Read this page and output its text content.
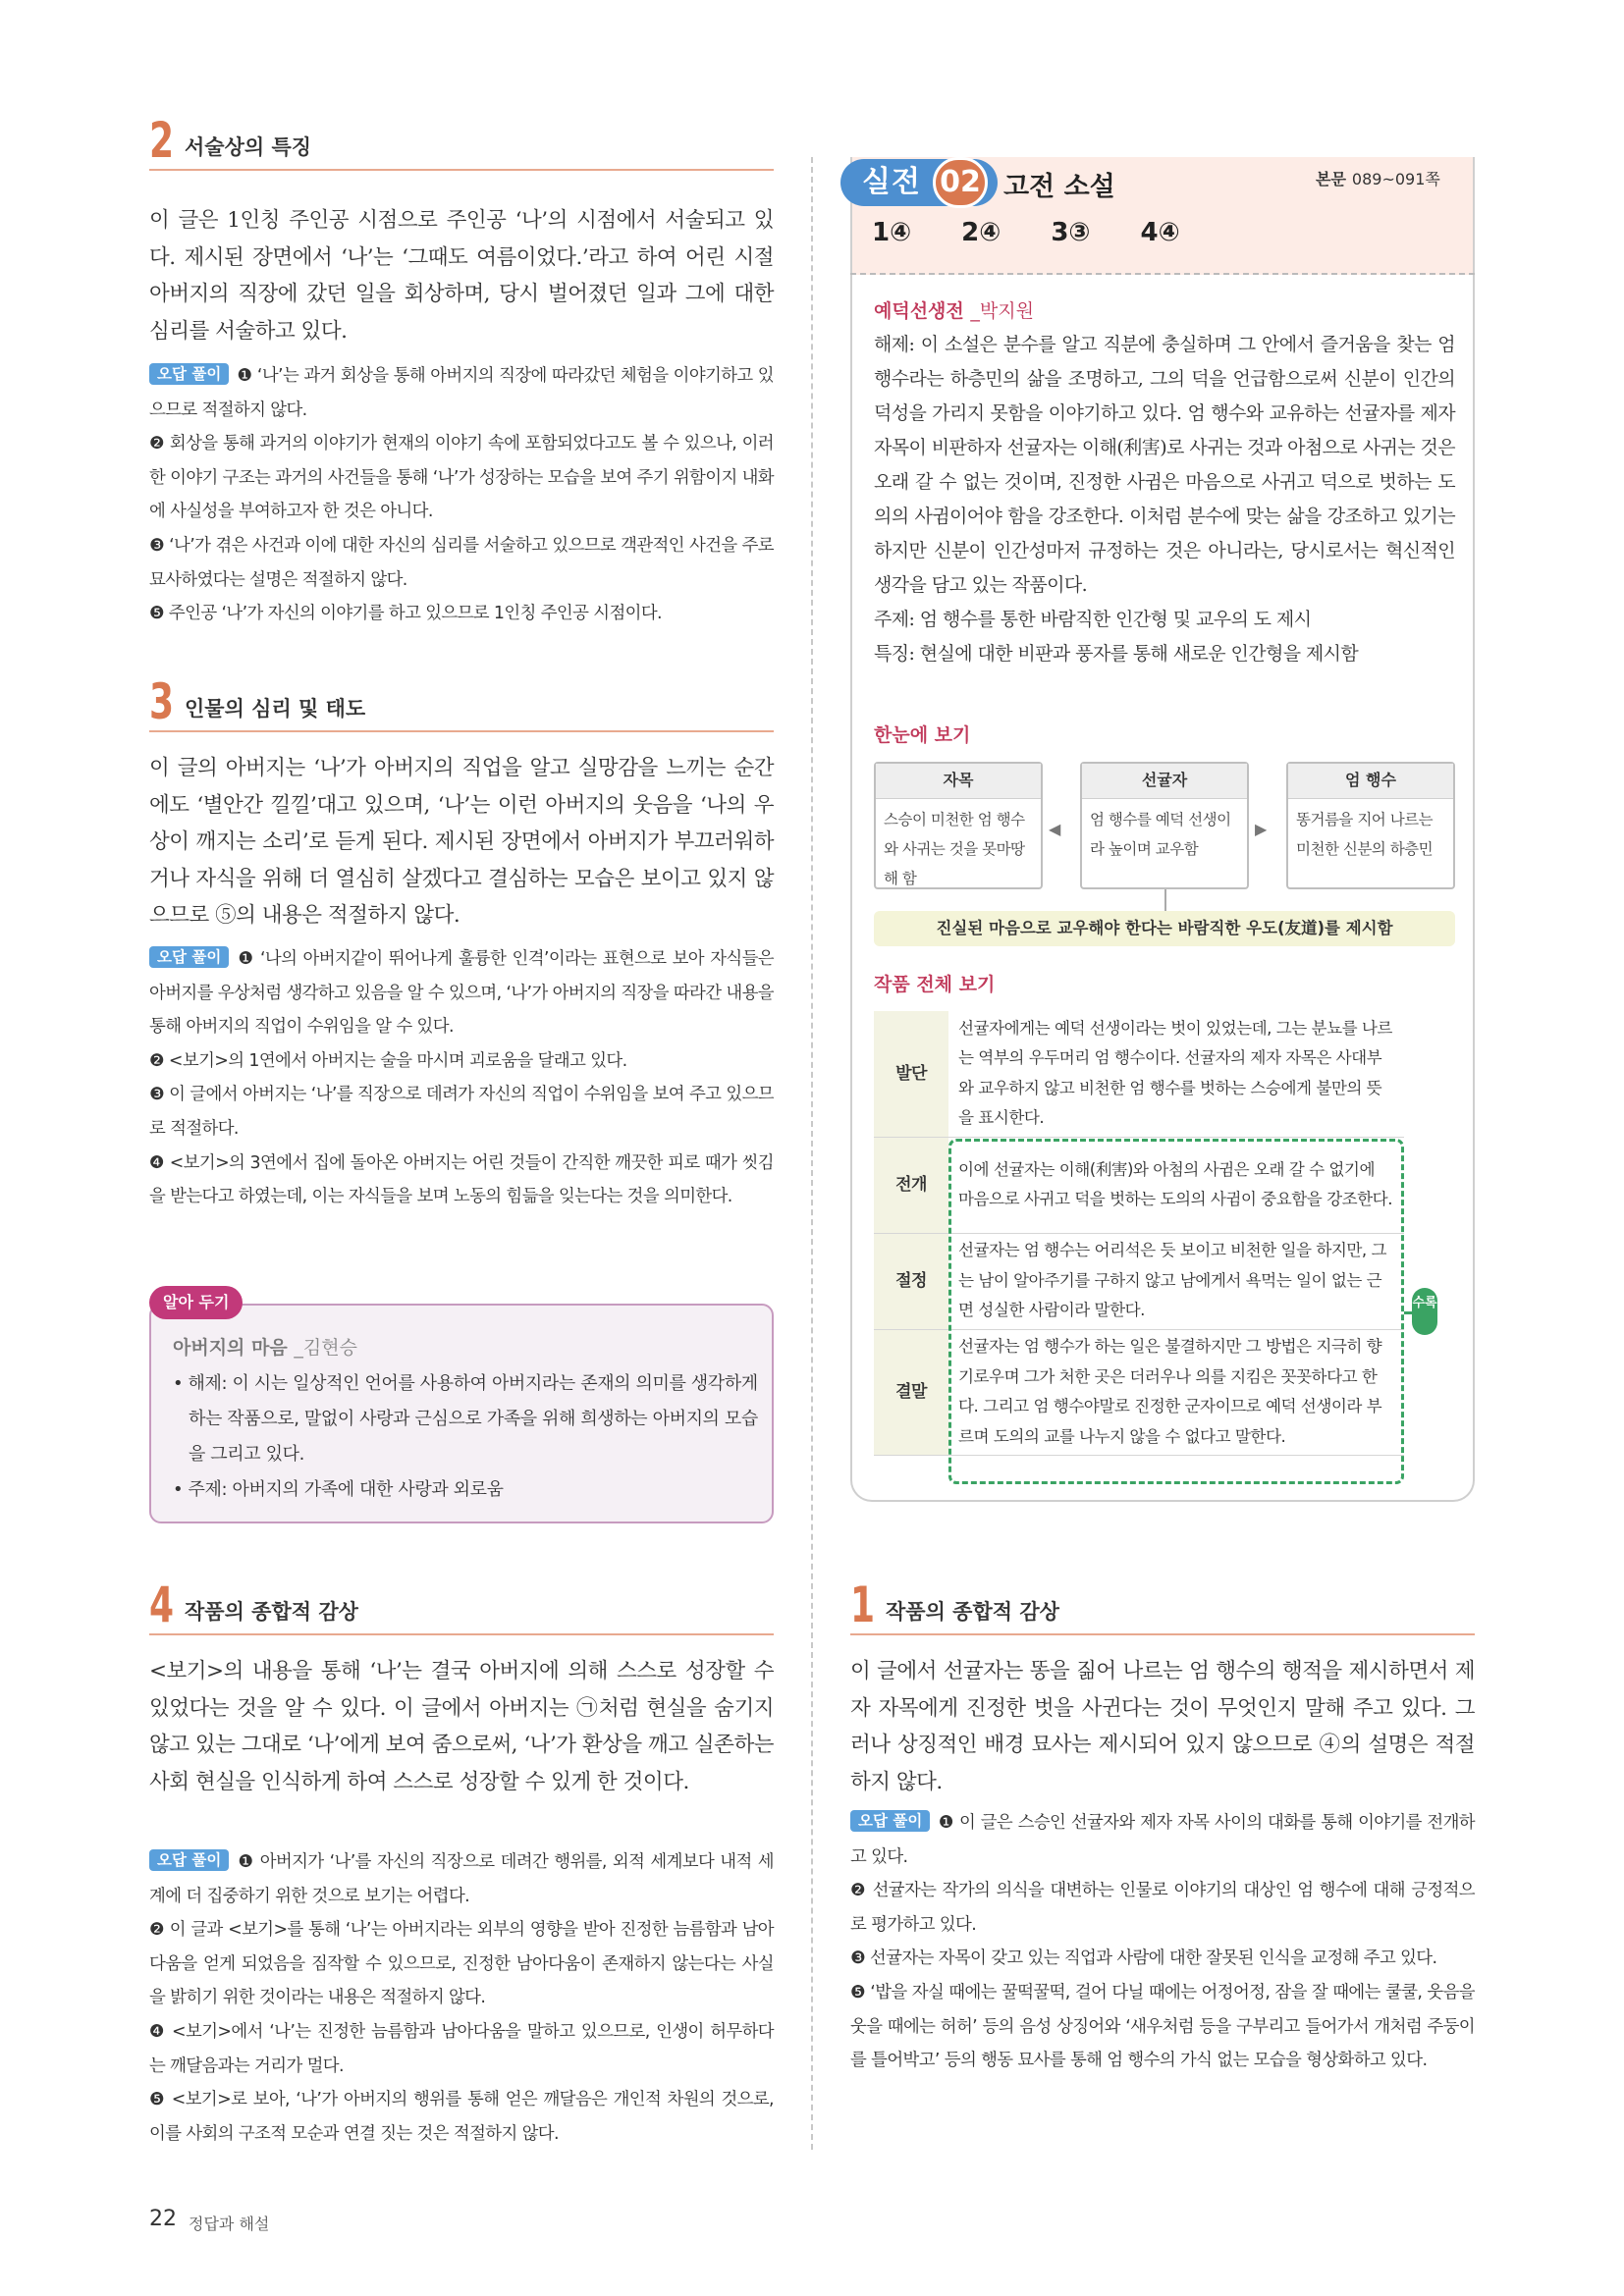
2 서술상의 특징
이 글은 1인칭 주인공 시점으로 주인공 ‘나’의 시점에서 서술되고 있다. 제시된 장면에서 ‘나’는 ‘그때도 여름이었다.’라고 하여 어린 시절 아버지의 직장에 갔던 일을 회상하며, 당시 벌어졌던 일과 그에 대한 심리를 서술하고 있다.
오답 풀이 ❶ ‘나’는 과거 회상을 통해 아버지의 직장에 따라갔던 체험을 이야기하고 있으므로 적절하지 않다.
❷ 회상을 통해 과거의 이야기가 현재의 이야기 속에 포함되었다고도 볼 수 있으나, 이러한 이야기 구조는 과거의 사건들을 통해 ‘나’가 성장하는 모습을 보여 주기 위함이지 내화에 사실성을 부여하고자 한 것은 아니다.
❸ ‘나’가 겪은 사건과 이에 대한 자신의 심리를 서술하고 있으므로 객관적인 사건을 주로 묘사하였다는 설명은 적절하지 않다.
❺ 주인공 ‘나’가 자신의 이야기를 하고 있으므로 1인칭 주인공 시점이다.
3 인물의 심리 및 태도
이 글의 아버지는 ‘나’가 아버지의 직업을 알고 실망감을 느끼는 순간에도 ‘별안간 낄낄’대고 있으며, ‘나’는 이런 아버지의 웃음을 ‘나의 우상이 깨지는 소리’로 듣게 된다. 제시된 장면에서 아버지가 부끄러워하거나 자식을 위해 더 열심히 살겠다고 결심하는 모습은 보이고 있지 않으므로 ⑤의 내용은 적절하지 않다.
오답 풀이 ❶ ‘나의 아버지같이 뛰어나게 훌륭한 인격’이라는 표현으로 보아 자식들은 아버지를 우상처럼 생각하고 있음을 알 수 있으며, ‘나’가 아버지의 직장을 따라간 내용을 통해 아버지의 직업이 수위임을 알 수 있다.
❷ <보기>의 1연에서 아버지는 술을 마시며 괴로움을 달래고 있다.
❸ 이 글에서 아버지는 ‘나’를 직장으로 데려가 자신의 직업이 수위임을 보여 주고 있으므로 적절하다.
❹ <보기>의 3연에서 집에 돌아온 아버지는 어린 것들이 간직한 깨끗한 피로 때가 씻김을 받는다고 하였는데, 이는 자식들을 보며 노동의 힘듦을 잊는다는 것을 의미한다.
아버지의 마음 _김현승
• 해제: 이 시는 일상적인 언어를 사용하여 아버지라는 존재의 의미를 생각하게 하는 작품으로, 말없이 사랑과 근심으로 가족을 위해 희생하는 아버지의 모습을 그리고 있다.
• 주제: 아버지의 가족에 대한 사랑과 외로움
알아 두기
4 작품의 종합적 감상
<보기>의 내용을 통해 ‘나’는 결국 아버지에 의해 스스로 성장할 수 있었다는 것을 알 수 있다. 이 글에서 아버지는 ㉠처럼 현실을 숨기지 않고 있는 그대로 ‘나’에게 보여 줌으로써, ‘나’가 환상을 깨고 실존하는 사회 현실을 인식하게 하여 스스로 성장할 수 있게 한 것이다.
오답 풀이 ❶ 아버지가 ‘나’를 자신의 직장으로 데려간 행위를, 외적 세계보다 내적 세계에 더 집중하기 위한 것으로 보기는 어렵다.
❷ 이 글과 <보기>를 통해 ‘나’는 아버지라는 외부의 영향을 받아 진정한 늠름함과 남아다움을 얻게 되었음을 짐작할 수 있으므로, 진정한 남아다움이 존재하지 않는다는 사실을 밝히기 위한 것이라는 내용은 적절하지 않다.
❹ <보기>에서 ‘나’는 진정한 늠름함과 남아다움을 말하고 있으므로, 인생이 허무하다는 깨달음과는 거리가 멀다.
❺ <보기>로 보아, ‘나’가 아버지의 행위를 통해 얻은 깨달음은 개인적 차원의 것으로, 이를 사회의 구조적 모순과 연결 짓는 것은 적절하지 않다.
실전 02 고전 소설	본문 089~091쪽
1④ 2④ 3③ 4④
예덕선생전 _박지원
해제: 이 소설은 분수를 알고 직분에 충실하며 그 안에서 즐거움을 찾는 엄행수라는 하층민의 삶을 조명하고, 그의 덕을 언급함으로써 신분이 인간의 덕성을 가리지 못함을 이야기하고 있다. 엄 행수와 교유하는 선귤자를 제자 자목이 비판하자 선귤자는 이해(利害)로 사귀는 것과 아첨으로 사귀는 것은 오래 갈 수 없는 것이며, 진정한 사귐은 마음으로 사귀고 덕으로 벗하는 도의의 사귐이어야 함을 강조한다. 이처럼 분수에 맞는 삶을 강조하고 있기는 하지만 신분이 인간성마저 규정하는 것은 아니라는, 당시로서는 혁신적인 생각을 담고 있는 작품이다.
주제: 엄 행수를 통한 바람직한 인간형 및 교우의 도 제시
특징: 현실에 대한 비판과 풍자를 통해 새로운 인간형을 제시함
한눈에 보기
자목
스승이 미천한 엄 행수와 사귀는 것을 못마땅해 함
◀
선귤자
엄 행수를 예덕 선생이라 높이며 교우함
▶
엄 행수
똥거름을 지어 나르는 미천한 신분의 하층민
진실된 마음으로 교우해야 한다는 바람직한 우도(友道)를 제시함
작품 전체 보기
발단	선귤자에게는 예덕 선생이라는 벗이 있었는데, 그는 분뇨를 나르는 역부의 우두머리 엄 행수이다. 선귤자의 제자 자목은 사대부와 교우하지 않고 비천한 엄 행수를 벗하는 스승에게 불만의 뜻을 표시한다.
전개	이에 선귤자는 이해(利害)와 아첨의 사귐은 오래 갈 수 없기에 마음으로 사귀고 덕을 벗하는 도의의 사귐이 중요함을 강조한다.
절정	선귤자는 엄 행수는 어리석은 듯 보이고 비천한 일을 하지만, 그는 남이 알아주기를 구하지 않고 남에게서 욕먹는 일이 없는 근면 성실한 사람이라 말한다.
결말	선귤자는 엄 행수가 하는 일은 불결하지만 그 방법은 지극히 향기로우며 그가 처한 곳은 더러우나 의를 지킴은 꼿꼿하다고 한다. 그리고 엄 행수야말로 진정한 군자이므로 예덕 선생이라 부르며 도의의 교를 나누지 않을 수 없다고 말한다.
수록
1 작품의 종합적 감상
이 글에서 선귤자는 똥을 짊어 나르는 엄 행수의 행적을 제시하면서 제자 자목에게 진정한 벗을 사귄다는 것이 무엇인지 말해 주고 있다. 그러나 상징적인 배경 묘사는 제시되어 있지 않으므로 ④의 설명은 적절하지 않다.
오답 풀이 ❶ 이 글은 스승인 선귤자와 제자 자목 사이의 대화를 통해 이야기를 전개하고 있다.
❷ 선귤자는 작가의 의식을 대변하는 인물로 이야기의 대상인 엄 행수에 대해 긍정적으로 평가하고 있다.
❸ 선귤자는 자목이 갖고 있는 직업과 사람에 대한 잘못된 인식을 교정해 주고 있다.
❺ ‘밥을 자실 때에는 꿀떡꿀떡, 걸어 다닐 때에는 어정어정, 잠을 잘 때에는 쿨쿨, 웃음을 웃을 때에는 허허’ 등의 음성 상징어와 ‘새우처럼 등을 구부리고 들어가서 개처럼 주둥이를 틀어박고’ 등의 행동 묘사를 통해 엄 행수의 가식 없는 모습을 형상화하고 있다.
22 정답과 해설
